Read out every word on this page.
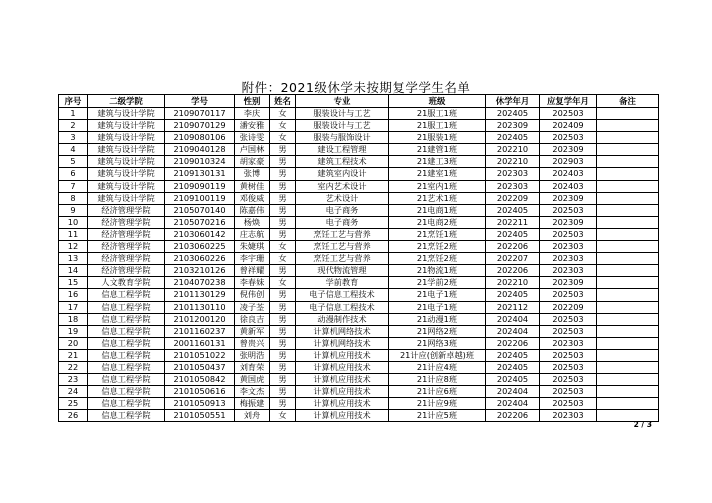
附件：2021级休学未按期复学学生名单
序号	二级学院	学号	性别	姓名	专业	班级	休学年月	应复学年月	备注
1	建筑与设计学院	2109070117	李庆	女	服装设计与工艺	21服工1班	202405	202503	
2	建筑与设计学院	2109070129	潘安雅	女	服装设计与工艺	21服工1班	202309	202409	
3	建筑与设计学院	2109080106	张诗雯	女	服装与服饰设计	21服装1班	202405	202503	
4	建筑与设计学院	2109040128	卢国林	男	建设工程管理	21建管1班	202210	202309	
5	建筑与设计学院	2109010324	胡家豪	男	建筑工程技术	21建工3班	202210	202903	
6	建筑与设计学院	2109130131	张博	男	建筑室内设计	21建室1班	202303	202403	
7	建筑与设计学院	2109090119	黄树佳	男	室内艺术设计	21室内1班	202303	202403	
8	建筑与设计学院	2109100119	邓俊威	男	艺术设计	21艺术1班	202209	202309	
9	经济管理学院	2105070140	陈嘉伟	男	电子商务	21电商1班	202405	202503	
10	经济管理学院	2105070216	杨焕	男	电子商务	21电商2班	202211	202309	
11	经济管理学院	2103060142	庄志航	男	烹饪工艺与营养	21烹饪1班	202405	202503	
12	经济管理学院	2103060225	朱婕琪	女	烹饪工艺与营养	21烹饪2班	202206	202303	
13	经济管理学院	2103060226	李宇珊	女	烹饪工艺与营养	21烹饪2班	202207	202303	
14	经济管理学院	2103210126	曾祥耀	男	现代物流管理	21物流1班	202206	202303	
15	人文教育学院	2104070238	李春妹	女	学前教育	21学前2班	202210	202309	
16	信息工程学院	2101130129	倪伟创	男	电子信息工程技术	21电子1班	202405	202503	
17	信息工程学院	2101130110	凌子荃	男	电子信息工程技术	21电子1班	202112	202209	
18	信息工程学院	2101200120	徐良吉	男	动漫制作技术	21动漫1班	202404	202503	
19	信息工程学院	2101160237	黄新军	男	计算机网络技术	21网络2班	202404	202503	
20	信息工程学院	2001160131	曾贵兴	男	计算机网络技术	21网络3班	202206	202303	
21	信息工程学院	2101051022	张明浩	男	计算机应用技术	21计应(创新卓越)班	202405	202503	
22	信息工程学院	2101050437	刘育荣	男	计算机应用技术	21计应4班	202405	202503	
23	信息工程学院	2101050842	黄国虎	男	计算机应用技术	21计应8班	202405	202503	
24	信息工程学院	2101050616	李文杰	男	计算机应用技术	21计应6班	202404	202503	
25	信息工程学院	2101050913	梅振建	男	计算机应用技术	21计应9班	202404	202503	
26	信息工程学院	2101050551	刘舟	女	计算机应用技术	21计应5班	202206	202303	
2 / 3
